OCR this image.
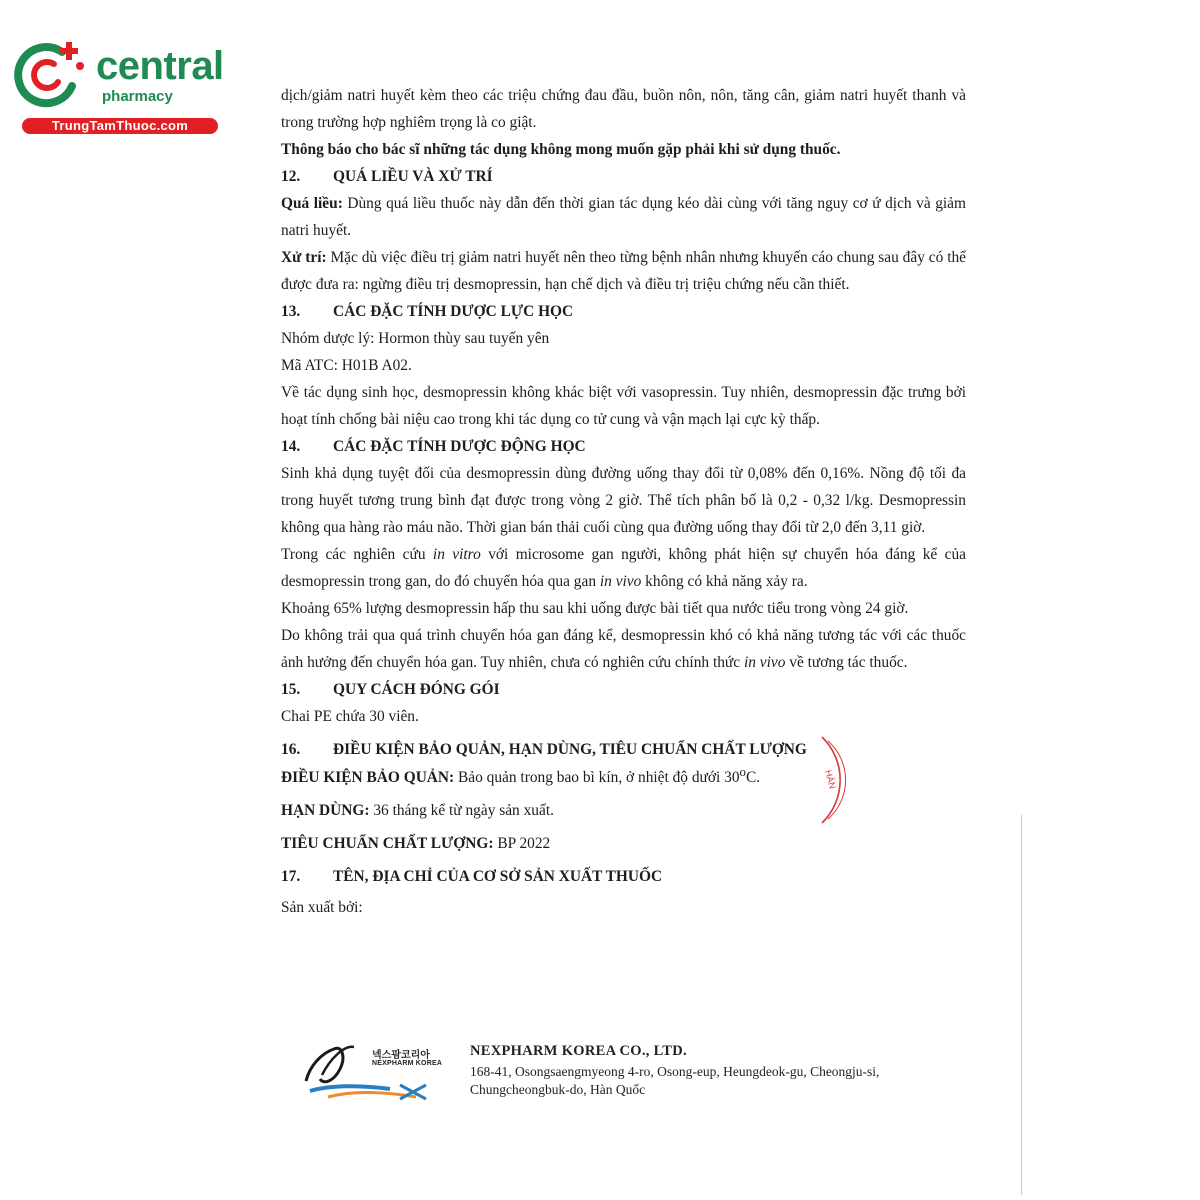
central
pharmacy
TrungTamThuoc.com

dịch/giảm natri huyết kèm theo các triệu chứng đau đầu, buồn nôn, nôn, tăng cân, giảm natri huyết thanh và trong trường hợp nghiêm trọng là co giật.

Thông báo cho bác sĩ những tác dụng không mong muốn gặp phải khi sử dụng thuốc.

12.	QUÁ LIỀU VÀ XỬ TRÍ

Quá liều: Dùng quá liều thuốc này dẫn đến thời gian tác dụng kéo dài cùng với tăng nguy cơ ứ dịch và giảm natri huyết.

Xử trí: Mặc dù việc điều trị giảm natri huyết nên theo từng bệnh nhân nhưng khuyến cáo chung sau đây có thể được đưa ra: ngừng điều trị desmopressin, hạn chế dịch và điều trị triệu chứng nếu cần thiết.

13.	CÁC ĐẶC TÍNH DƯỢC LỰC HỌC

Nhóm dược lý: Hormon thùy sau tuyến yên

Mã ATC: H01B A02.

Về tác dụng sinh học, desmopressin không khác biệt với vasopressin. Tuy nhiên, desmopressin đặc trưng bởi hoạt tính chống bài niệu cao trong khi tác dụng co tử cung và vận mạch lại cực kỳ thấp.

14.	CÁC ĐẶC TÍNH DƯỢC ĐỘNG HỌC

Sinh khả dụng tuyệt đối của desmopressin dùng đường uống thay đổi từ 0,08% đến 0,16%. Nồng độ tối đa trong huyết tương trung bình đạt được trong vòng 2 giờ. Thể tích phân bố là 0,2 - 0,32 l/kg. Desmopressin không qua hàng rào máu não. Thời gian bán thải cuối cùng qua đường uống thay đổi từ 2,0 đến 3,11 giờ.

Trong các nghiên cứu in vitro với microsome gan người, không phát hiện sự chuyển hóa đáng kể của desmopressin trong gan, do đó chuyển hóa qua gan in vivo không có khả năng xảy ra.

Khoảng 65% lượng desmopressin hấp thu sau khi uống được bài tiết qua nước tiểu trong vòng 24 giờ.

Do không trải qua quá trình chuyển hóa gan đáng kể, desmopressin khó có khả năng tương tác với các thuốc ảnh hưởng đến chuyển hóa gan. Tuy nhiên, chưa có nghiên cứu chính thức in vivo về tương tác thuốc.

15.	QUY CÁCH ĐÓNG GÓI

Chai PE chứa 30 viên.

16.	ĐIỀU KIỆN BẢO QUẢN, HẠN DÙNG, TIÊU CHUẨN CHẤT LƯỢNG

ĐIỀU KIỆN BẢO QUẢN: Bảo quản trong bao bì kín, ở nhiệt độ dưới 30$^o$C.

HẠN DÙNG: 36 tháng kể từ ngày sản xuất.

TIÊU CHUẨN CHẤT LƯỢNG: BP 2022

17.	TÊN, ĐỊA CHỈ CỦA CƠ SỞ SẢN XUẤT THUỐC

Sản xuất bởi:

HÀN
넥스팜코리아
NEXPHARM KOREA
NEXPHARM KOREA CO., LTD.
168-41, Osongsaengmyeong 4-ro, Osong-eup, Heungdeok-gu, Cheongju-si,
Chungcheongbuk-do, Hàn Quốc
